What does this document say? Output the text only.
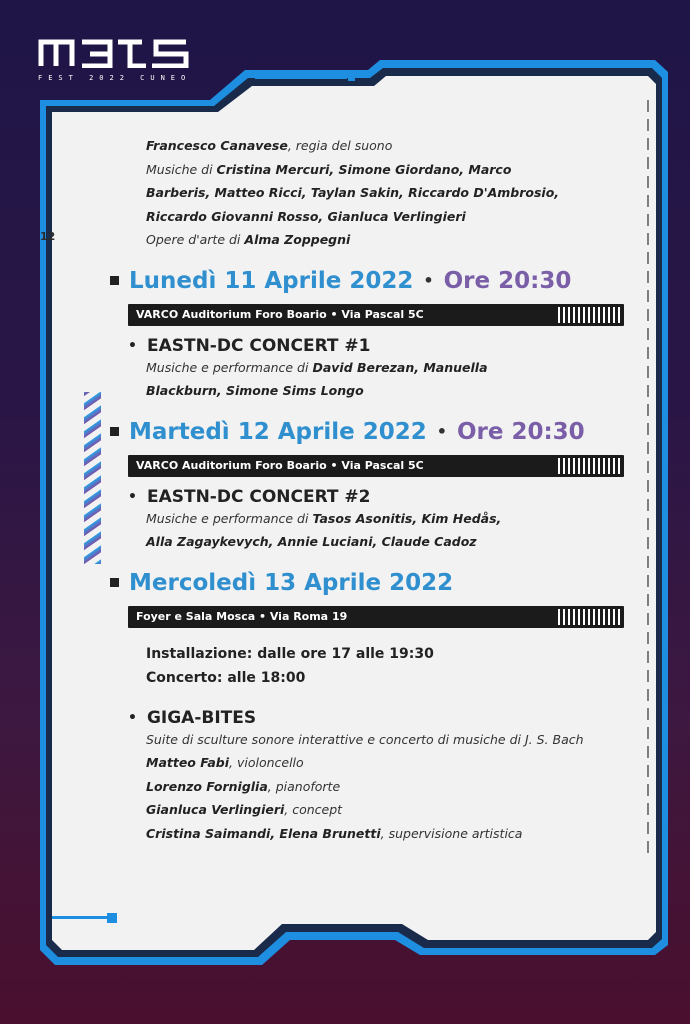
FEST 2022 CUNEO
12
Francesco Canavese, regia del suono
Musiche di Cristina Mercuri, Simone Giordano, Marco
Barberis, Matteo Ricci, Taylan Sakin, Riccardo D'Ambrosio,
Riccardo Giovanni Rosso, Gianluca Verlingieri
Opere d'arte di Alma Zoppegni
Lunedì 11 Aprile 2022 • Ore 20:30
VARCO Auditorium Foro Boario • Via Pascal 5C
• EASTN-DC CONCERT #1
Musiche e performance di David Berezan, Manuella
Blackburn, Simone Sims Longo
Martedì 12 Aprile 2022 • Ore 20:30
VARCO Auditorium Foro Boario • Via Pascal 5C
• EASTN-DC CONCERT #2
Musiche e performance di Tasos Asonitis, Kim Hedås,
Alla Zagaykevych, Annie Luciani, Claude Cadoz
Mercoledì 13 Aprile 2022
Foyer e Sala Mosca • Via Roma 19
Installazione: dalle ore 17 alle 19:30
Concerto: alle 18:00
• GIGA-BITES
Suite di sculture sonore interattive e concerto di musiche di J. S. Bach
Matteo Fabi, violoncello
Lorenzo Forniglia, pianoforte
Gianluca Verlingieri, concept
Cristina Saimandi, Elena Brunetti, supervisione artistica
